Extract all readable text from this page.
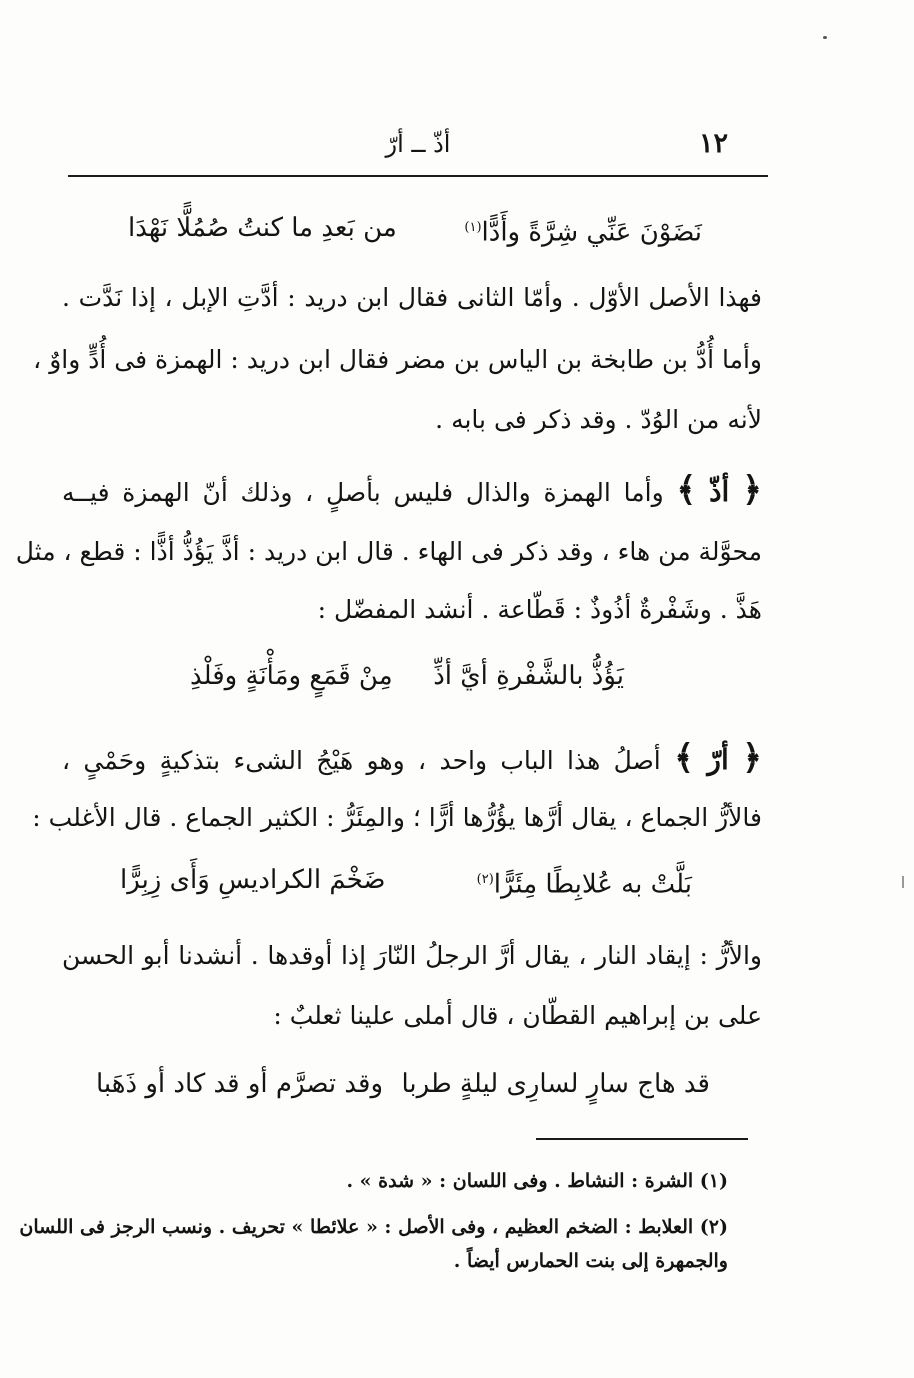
١٢
أذّ ــ أرّ
نَضَوْنَ عَنِّي شِرَّةً وأَدًّا$^{(١)}$
من بَعدِ ما كنتُ صُمُلًّا نَهْدَا
فهذا الأصل الأوّل . وأمّا الثانى فقال ابن دريد : أدَّتِ الإبل ، إذا نَدَّت .
وأما أُدُّ بن طابخة بن الياس بن مضر فقال ابن دريد : الهمزة فى أُدٍّ واوٌ ،
لأنه من الوُدّ . وقد ذكر فى بابه .
﴿ أذّ ﴾ وأما الهمزة والذال فليس بأصلٍ ، وذلك أنّ الهمزة فيــه
محوَّلة من هاء ، وقد ذكر فى الهاء . قال ابن دريد : أذَّ يَؤُذُّ أذًّا : قطع ، مثل
هَذَّ . وشَفْرةٌ أذُوذٌ : قَطّاعة . أنشد المفضّل :
يَؤُذُّ بالشَّفْرةِ أيَّ أذِّ
مِنْ قَمَعٍ ومَأْنَةٍ وفَلْذِ
﴿ أرّ ﴾ أصلُ هذا الباب واحد ، وهو هَيْجُ الشىء بتذكيةٍ وحَمْىٍ ،
فالأرُّ الجماع ، يقال أرَّها يؤُرُّها أرًّا ؛ والمِئَرُّ : الكثير الجماع . قال الأغلب :
بَلَّتْ به عُلابِطًا مِئَرًّا$^{(٢)}$
ضَخْمَ الكراديسِ وَأَى زِبِرًّا
والأرُّ : إيقاد النار ، يقال أرَّ الرجلُ النّارَ إذا أوقدها . أنشدنا أبو الحسن
على بن إبراهيم القطّان ، قال أملى علينا ثعلبٌ :
قد هاج سارٍ لسارِى ليلةٍ طربا
وقد تصرَّم أو قد كاد أو ذَهَبا
(١) الشرة : النشاط . وفى اللسان : « شدة » .
(٢) العلابط : الضخم العظيم ، وفى الأصل : « علائطا » تحريف . ونسب الرجز فى اللسان
والجمهرة إلى بنت الحمارس أيضاً .
